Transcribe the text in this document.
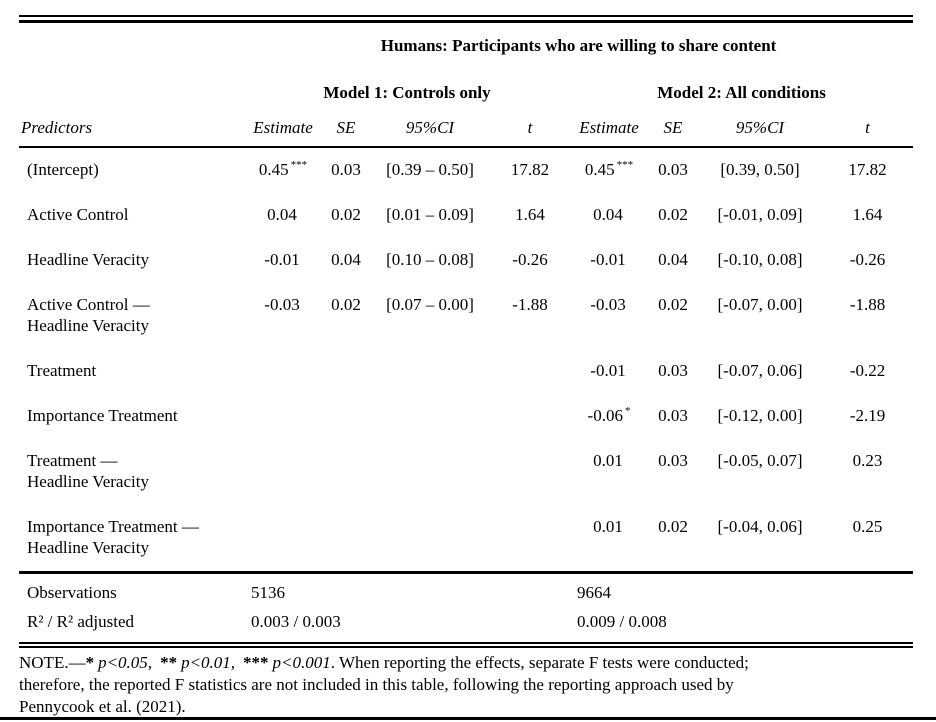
	Humans: Participants who are willing to share content							
	Model 1: Controls only				Model 2: All conditions			
Predictors	Estimate	SE	95%CI	t	Estimate	SE	95%CI	t

(Intercept)	0.45 ***	0.03	[0.39 – 0.50]	17.82	0.45 ***	0.03	[0.39, 0.50]	17.82

Active Control	0.04	0.02	[0.01 – 0.09]	1.64	0.04	0.02	[-0.01, 0.09]	1.64

Headline Veracity	-0.01	0.04	[0.10 – 0.08]	-0.26	-0.01	0.04	[-0.10, 0.08]	-0.26

Active Control —
Headline Veracity	-0.03	0.02	[0.07 – 0.00]	-1.88	-0.03	0.02	[-0.07, 0.00]	-1.88

Treatment					-0.01	0.03	[-0.07, 0.06]	-0.22

Importance Treatment					-0.06 *	0.03	[-0.12, 0.00]	-2.19

Treatment —
Headline Veracity					0.01	0.03	[-0.05, 0.07]	0.23

Importance Treatment —
Headline Veracity					0.01	0.02	[-0.04, 0.06]	0.25
Observations	5136				9664			
R² / R² adjusted	0.003 / 0.003				0.009 / 0.008			
NOTE.—* p<0.05, ** p<0.01, *** p<0.001. When reporting the effects, separate F tests were conducted;
therefore, the reported F statistics are not included in this table, following the reporting approach used by
Pennycook et al. (2021).
